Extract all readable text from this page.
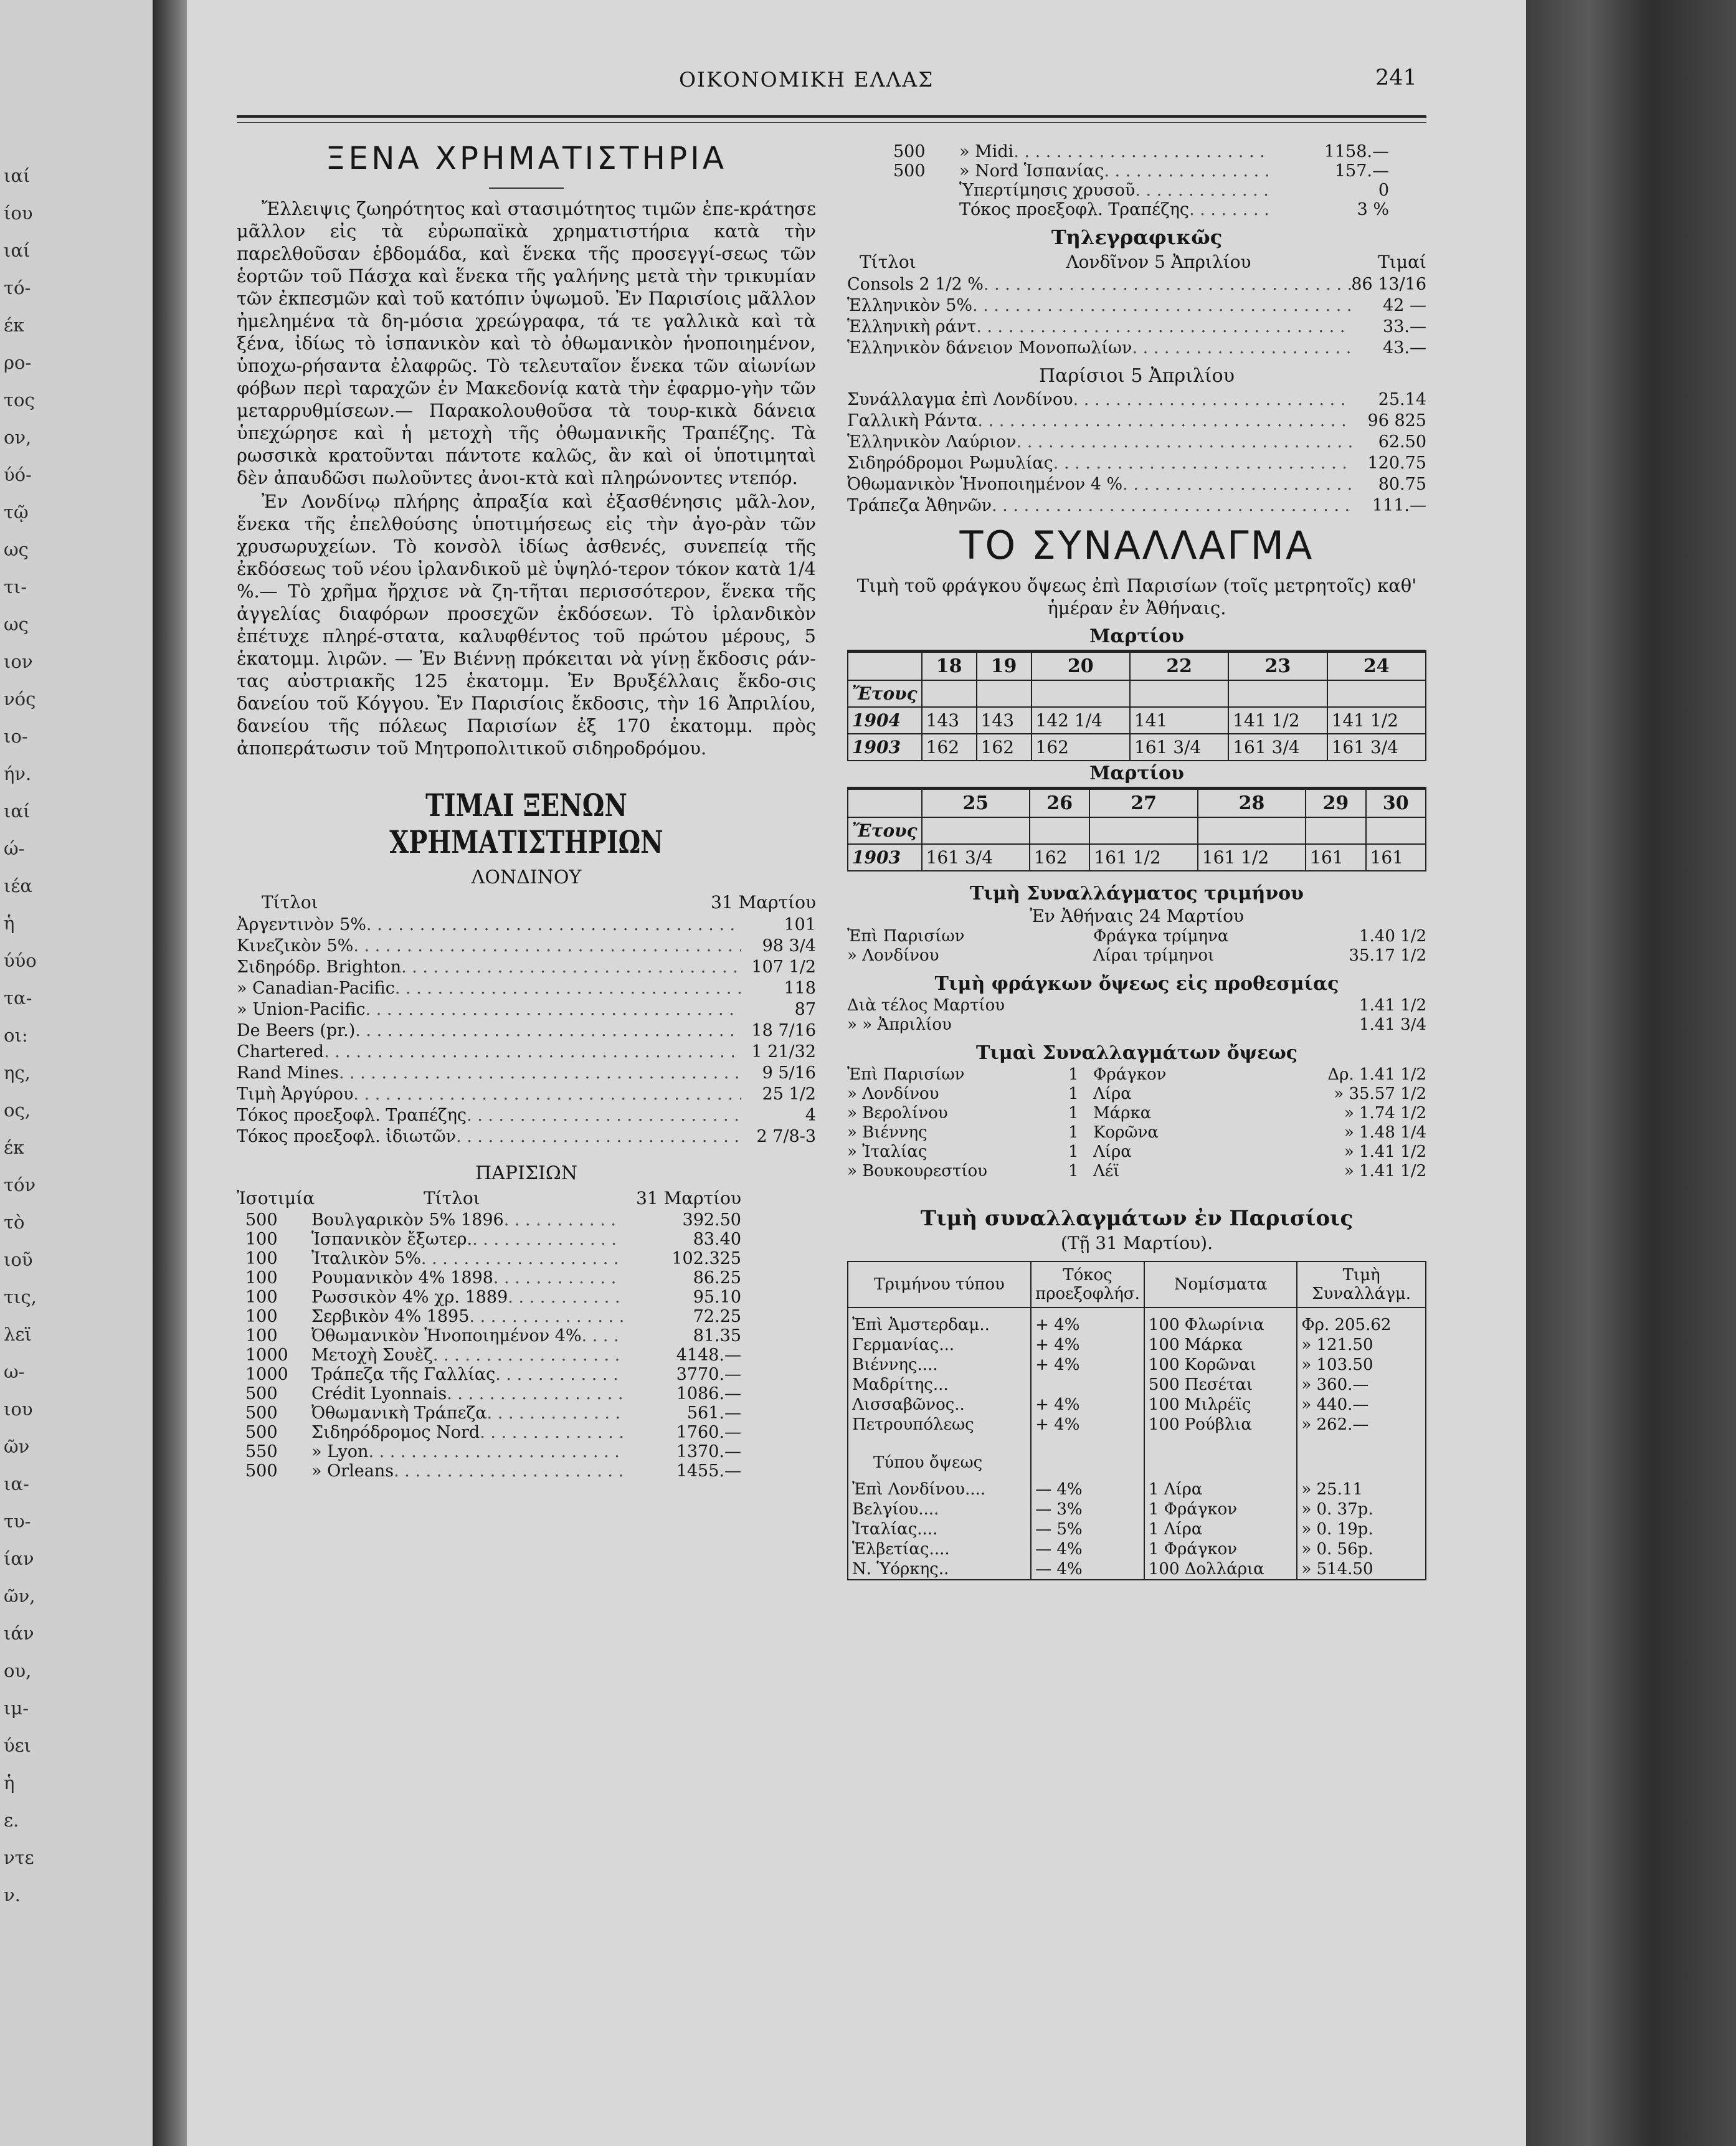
ιαί
ίου
ιαί
τό-
έκ
ρο-
τος
ον,
ύό-
τῷ
ως
τι-
ως
ιον
νός
ιο-
ήν.
ιαί
ώ-
ιέα
ἡ
ύύο
τα-
οι:
ης,
ος,
έκ
τόν
τὸ
ιοῦ
τις,
λεϊ
ω-
ιου
ῶν
ια-
τυ-
ίαν
ῶν,
ιάν
ου,
ιμ-
ύει
ἡ
ε.
ντε
ν.
ΟΙΚΟΝΟΜΙΚΗ ΕΛΛΑΣ	241
ΞΕΝΑ ΧΡΗΜΑΤΙΣΤΗΡΙΑ

Ἔλλειψις ζωηρότητος καὶ στασιμότητος τιμῶν ἐπε-κράτησε μᾶλλον εἰς τὰ εὐρωπαϊκὰ χρηματιστήρια κατὰ τὴν παρελθοῦσαν ἑβδομάδα, καὶ ἕνεκα τῆς προσεγγί-σεως τῶν ἑορτῶν τοῦ Πάσχα καὶ ἕνεκα τῆς γαλήνης μετὰ τὴν τρικυμίαν τῶν ἐκπεσμῶν καὶ τοῦ κατόπιν ὑψωμοῦ. Ἐν Παρισίοις μᾶλλον ἠμελημένα τὰ δη-μόσια χρεώγραφα, τά τε γαλλικὰ καὶ τὰ ξένα, ἰδίως τὸ ἱσπανικὸν καὶ τὸ ὀθωμανικὸν ἡνοποιημένον, ὑποχω-ρήσαντα ἐλαφρῶς. Τὸ τελευταῖον ἕνεκα τῶν αἰωνίων φόβων περὶ ταραχῶν ἐν Μακεδονίᾳ κατὰ τὴν ἐφαρμο-γὴν τῶν μεταρρυθμίσεων.— Παρακολουθοῦσα τὰ τουρ-κικὰ δάνεια ὑπεχώρησε καὶ ἡ μετοχὴ τῆς ὀθωμανικῆς Τραπέζης. Τὰ ρωσσικὰ κρατοῦνται πάντοτε καλῶς, ἂν καὶ οἱ ὑποτιμηταὶ δὲν ἀπαυδῶσι πωλοῦντες ἀνοι-κτὰ καὶ πληρώνοντες ντεπόρ.

Ἐν Λονδίνῳ πλήρης ἀπραξία καὶ ἐξασθένησις μᾶλ-λον, ἕνεκα τῆς ἐπελθούσης ὑποτιμήσεως εἰς τὴν ἀγο-ρὰν τῶν χρυσωρυχείων. Τὸ κονσὸλ ἰδίως ἀσθενές, συνεπείᾳ τῆς ἐκδόσεως τοῦ νέου ἰρλανδικοῦ μὲ ὑψηλό-τερον τόκον κατὰ 1/4 %.— Τὸ χρῆμα ἤρχισε νὰ ζη-τῆται περισσότερον, ἕνεκα τῆς ἀγγελίας διαφόρων προσεχῶν ἐκδόσεων. Τὸ ἰρλανδικὸν ἐπέτυχε πληρέ-στατα, καλυφθέντος τοῦ πρώτου μέρους, 5 ἑκατομμ. λιρῶν. — Ἐν Βιέννῃ πρόκειται νὰ γίνῃ ἔκδοσις ράν-τας αὐστριακῆς 125 ἑκατομμ. Ἐν Βρυξέλλαις ἔκδο-σις δανείου τοῦ Κόγγου. Ἐν Παρισίοις ἔκδοσις, τὴν 16 Ἀπριλίου, δανείου τῆς πόλεως Παρισίων ἐξ 170 ἑκατομμ. πρὸς ἀποπεράτωσιν τοῦ Μητροπολιτικοῦ σιδηροδρόμου.

ΤΙΜΑΙ ΞΕΝΩΝ ΧΡΗΜΑΤΙΣΤΗΡΙΩΝ
ΛΟΝΔΙΝΟΥ
Τίτλοι	31 Μαρτίου
Ἀργεντινὸν 5% . . .	101
Κινεζικὸν 5% . . .	98 3/4
Σιδηρόδρ. Brighton . . .	107 1/2
» Canadian-Pacific . . .	118
» Union-Pacific . . .	87
De Beers (pr.) . . .	18 7/16
Chartered . . .	1 21/32
Rand Mines . . .	9 5/16
Τιμὴ Ἀργύρου . . .	25 1/2
Τόκος προεξοφλ. Τραπέζης . . .	4
Τόκος προεξοφλ. ἰδιωτῶν . . .	2 7/8-3
ΠΑΡΙΣΙΩΝ
Ἰσοτιμία	Τίτλοι	31 Μαρτίου
500	Βουλγαρικὸν 5% 1896 . . .	392.50
100	Ἱσπανικὸν ἔξωτερ. . . .	83.40
100	Ἰταλικὸν 5% . . .	102.325
100	Ρουμανικὸν 4% 1898 . . .	86.25
100	Ρωσσικὸν 4% χρ. 1889 . . .	95.10
100	Σερβικὸν 4% 1895 . . .	72.25
100	Ὀθωμανικὸν Ἡνοποιημένον 4% . . .	81.35
1000	Μετοχὴ Σουὲζ . . .	4148.—
1000	Τράπεζα τῆς Γαλλίας . . .	3770.—
500	Crédit Lyonnais . . .	1086.—
500	Ὀθωμανικὴ Τράπεζα . . .	561.—
500	Σιδηρόδρομος Nord . . .	1760.—
550	» Lyon . . .	1370.—
500	» Orleans . . .	1455.—
500	» Midi . . .	1158.—
500	» Nord Ἱσπανίας . . .	157.—
Ὑπερτίμησις χρυσοῦ . . .	0
Τόκος προεξοφλ. Τραπέζης . . .	3 %
Τηλεγραφικῶς
Τίτλοι	Λονδῖνον 5 Ἀπριλίου	Τιμαί
Consols 2 1/2 % . . .	86 13/16
Ἑλληνικὸν 5% . . .	42 —
Ἑλληνικὴ ράντ . . .	33.—
Ἑλληνικὸν δάνειον Μονοπωλίων . . .	43.—
Παρίσιοι 5 Ἀπριλίου
Συνάλλαγμα ἐπὶ Λονδίνου . . .	25.14
Γαλλικὴ Ράντα . . .	96 825
Ἑλληνικὸν Λαύριον . . .	62.50
Σιδηρόδρομοι Ρωμυλίας . . .	120.75
Ὀθωμανικὸν Ἡνοποιημένον 4 % . . .	80.75
Τράπεζα Ἀθηνῶν . . .	111.—
ΤΟ ΣΥΝΑΛΛΑΓΜΑ
Τιμὴ τοῦ φράγκου ὄψεως ἐπὶ Παρισίων (τοῖς μετρητοῖς) καθ' ἡμέραν ἐν Ἀθήναις.
Μαρτίου
	18	19	20	22	23	24
Ἔτους						
1904	143	143	142 1/4	141	141 1/2	141 1/2
1903	162	162	162	161 3/4	161 3/4	161 3/4
Μαρτίου
	25	26	27	28	29	30
Ἔτους						
1903	161 3/4	162	161 1/2	161 1/2	161	161
Τιμὴ Συναλλάγματος τριμήνου
Ἐν Ἀθήναις 24 Μαρτίου
Ἐπὶ Παρισίων	Φράγκα τρίμηνα	1.40 1/2
» Λονδίνου	Λίραι τρίμηνοι	35.17 1/2
Τιμὴ φράγκων ὄψεως εἰς προθεσμίας
Διὰ τέλος Μαρτίου	1.41 1/2
» » Ἀπριλίου	1.41 3/4
Τιμαὶ Συναλλαγμάτων ὄψεως
Ἐπὶ Παρισίων	1 Φράγκον	Δρ. 1.41 1/2
» Λονδίνου	1 Λίρα	» 35.57 1/2
» Βερολίνου	1 Μάρκα	» 1.74 1/2
» Βιέννης	1 Κορῶνα	» 1.48 1/4
» Ἰταλίας	1 Λίρα	» 1.41 1/2
» Βουκουρεστίου	1 Λέϊ	» 1.41 1/2
Τιμὴ συναλλαγμάτων ἐν Παρισίοις
(Τῇ 31 Μαρτίου).
Τριμήνου τύπου	Τόκος προεξοφλήσ.	Νομίσματα	Τιμὴ Συναλλάγμ.
Ἐπὶ Ἀμστερδαμ..	+ 4%	100 Φλωρίνια	Φρ. 205.62
Γερμανίας...	+ 4%	100 Μάρκα	» 121.50
Βιέννης....	+ 4%	100 Κορῶναι	» 103.50
Μαδρίτης...		500 Πεσέται	» 360.—
Λισσαβῶνος..	+ 4%	100 Μιλρέϊς	» 440.—
Πετρουπόλεως	+ 4%	100 Ρούβλια	» 262.—
Τύπου ὄψεως			
Ἐπὶ Λονδίνου....	— 4%	1 Λίρα	» 25.11
Βελγίου....	— 3%	1 Φράγκον	» 0. 37p.
Ἰταλίας....	— 5%	1 Λίρα	» 0. 19p.
Ἑλβετίας....	— 4%	1 Φράγκον	» 0. 56p.
Ν. Ὑόρκης..	— 4%	100 Δολλάρια	» 514.50
